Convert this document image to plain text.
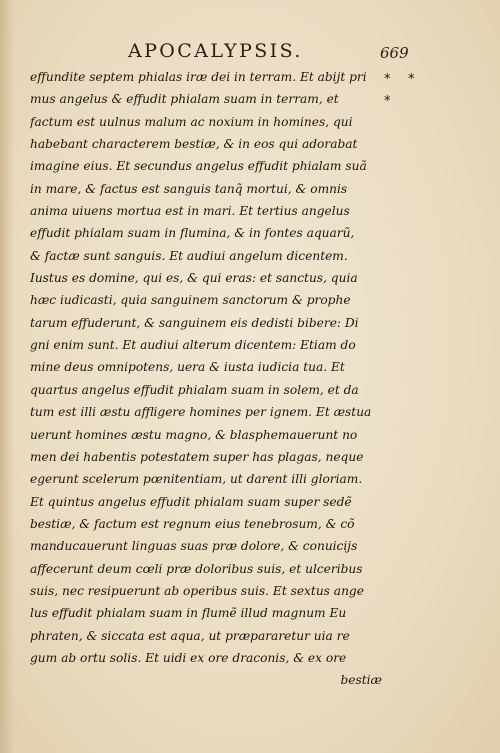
APOCALYPSIS.	669
* *
*
effundite septem phialas iræ dei in terram. Et abijt pri
mus angelus & effudit phialam suam in terram, et
factum est uulnus malum ac noxium in homines, qui
habebant characterem bestiæ, & in eos qui adorabat
imagine eius. Et secundus angelus effudit phialam suã
in mare, & factus est sanguis tanq̃ mortui, & omnis
anima uiuens mortua est in mari. Et tertius angelus
effudit phialam suam in flumina, & in fontes aquarũ,
& factæ sunt sanguis. Et audiui angelum dicentem.
Iustus es domine, qui es, & qui eras: et sanctus, quia
hæc iudicasti, quia sanguinem sanctorum & prophe
tarum effuderunt, & sanguinem eis dedisti bibere: Di
gni enim sunt. Et audiui alterum dicentem: Etiam do
mine deus omnipotens, uera & iusta iudicia tua. Et
quartus angelus effudit phialam suam in solem, et da
tum est illi æstu affligere homines per ignem. Et æstua
uerunt homines æstu magno, & blasphemauerunt no
men dei habentis potestatem super has plagas, neque
egerunt scelerum pœnitentiam, ut darent illi gloriam.
Et quintus angelus effudit phialam suam super sedẽ
bestiæ, & factum est regnum eius tenebrosum, & cõ
manducauerunt linguas suas præ dolore, & conuicijs
affecerunt deum cœli præ doloribus suis, et ulceribus
suis, nec resipuerunt ab operibus suis. Et sextus ange
lus effudit phialam suam in flumẽ illud magnum Eu
phraten, & siccata est aqua, ut præpararetur uia re
gum ab ortu solis. Et uidi ex ore draconis, & ex ore
bestiæ
